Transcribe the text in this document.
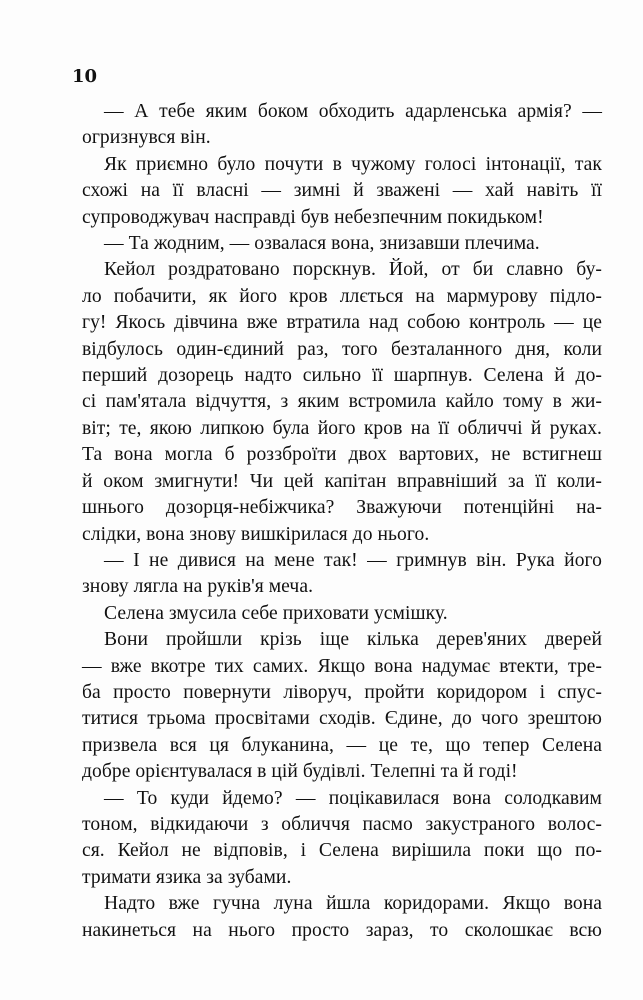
10

— А тебе яким боком обходить адарленська армія? —
огризнувся він.

Як приємно було почути в чужому голосі інтонації, так
схожі на її власні — зимні й зважені — хай навіть її
супроводжувач насправді був небезпечним покидьком!

— Та жодним, — озвалася вона, знизавши плечима.

Кейол роздратовано порскнув. Йой, от би славно бу-
ло побачити, як його кров ллється на мармурову підло-
гу! Якось дівчина вже втратила над собою контроль — це
відбулось один-єдиний раз, того безталанного дня, коли
перший дозорець надто сильно її шарпнув. Селена й до-
сі пам'ятала відчуття, з яким встромила кайло тому в жи-
віт; те, якою липкою була його кров на її обличчі й руках.
Та вона могла б роззброїти двох вартових, не встигнеш
й оком змигнути! Чи цей капітан вправніший за її коли-
шнього дозорця-небіжчика? Зважуючи потенційні на-
слідки, вона знову вишкірилася до нього.

— І не дивися на мене так! — гримнув він. Рука його
знову лягла на руків'я меча.

Селена змусила себе приховати усмішку.

Вони пройшли крізь іще кілька дерев'яних дверей
— вже вкотре тих самих. Якщо вона надумає втекти, тре-
ба просто повернути ліворуч, пройти коридором і спус-
титися трьома просвітами сходів. Єдине, до чого зрештою
призвела вся ця блуканина, — це те, що тепер Селена
добре орієнтувалася в цій будівлі. Телепні та й годі!

— То куди йдемо? — поцікавилася вона солодкавим
тоном, відкидаючи з обличчя пасмо закустраного волос-
ся. Кейол не відповів, і Селена вирішила поки що по-
тримати язика за зубами.

Надто вже гучна луна йшла коридорами. Якщо вона
накинеться на нього просто зараз, то сколошкає всю
